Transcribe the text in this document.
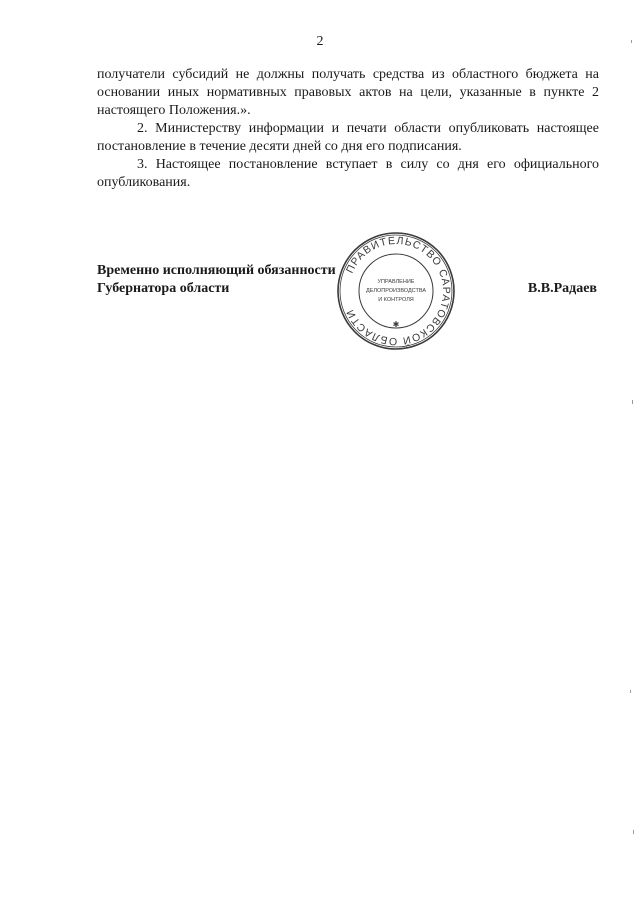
2

получатели субсидий не должны получать средства из областного бюджета на основании иных нормативных правовых актов на цели, указанные в пункте 2 настоящего Положения.».

2. Министерству информации и печати области опубликовать настоящее постановление в течение десяти дней со дня его подписания.

3. Настоящее постановление вступает в силу со дня его официального опубликования.

Временно исполняющий обязанности
Губернатора области	В.В.Радаев
ПРАВИТЕЛЬСТВО САРАТОВСКОЙ ОБЛАСТИ
УПРАВЛЕНИЕ
ДЕЛОПРОИЗВОДСТВА
И КОНТРОЛЯ
✱
